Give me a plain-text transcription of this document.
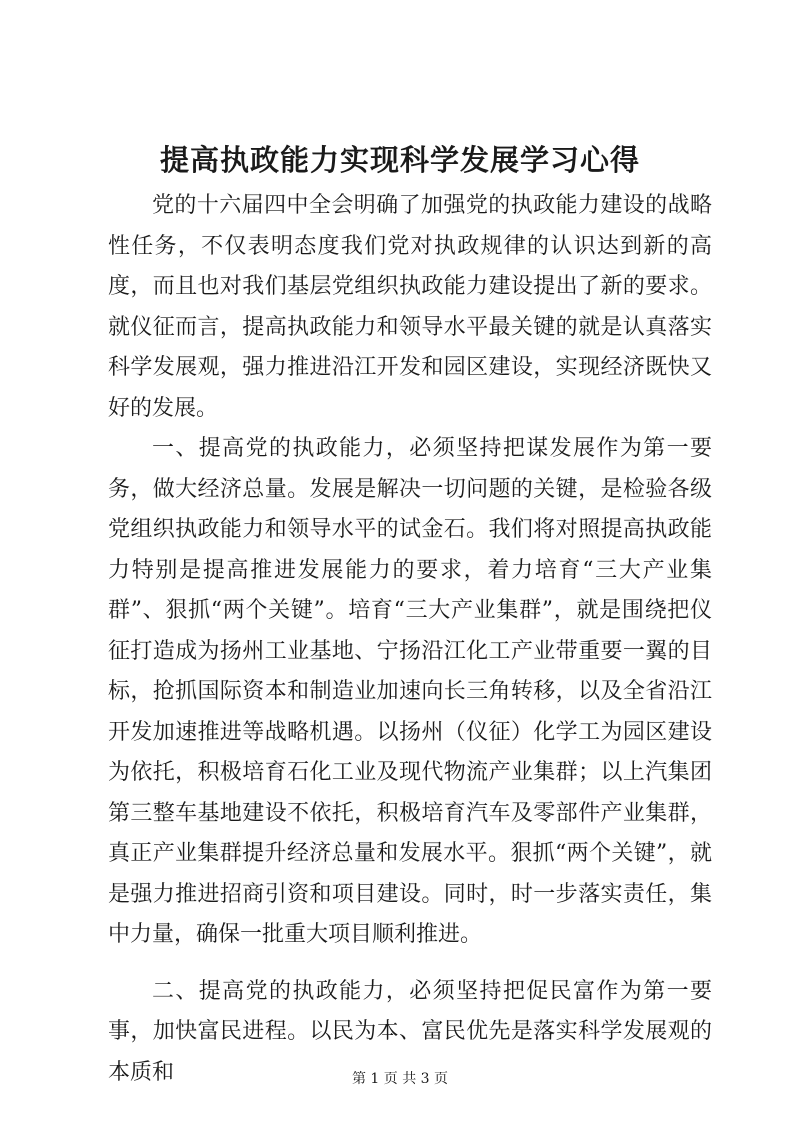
提高执政能力实现科学发展学习心得

党的十六届四中全会明确了加强党的执政能力建设的战略性任务，不仅表明态度我们党对执政规律的认识达到新的高度，而且也对我们基层党组织执政能力建设提出了新的要求。就仪征而言，提高执政能力和领导水平最关键的就是认真落实科学发展观，强力推进沿江开发和园区建设，实现经济既快又好的发展。

一、提高党的执政能力，必须坚持把谋发展作为第一要务，做大经济总量。发展是解决一切问题的关键，是检验各级党组织执政能力和领导水平的试金石。我们将对照提高执政能力特别是提高推进发展能力的要求，着力培育“三大产业集群”、狠抓“两个关键”。培育“三大产业集群”，就是围绕把仪征打造成为扬州工业基地、宁扬沿江化工产业带重要一翼的目标，抢抓国际资本和制造业加速向长三角转移，以及全省沿江开发加速推进等战略机遇。以扬州（仪征）化学工为园区建设为依托，积极培育石化工业及现代物流产业集群；以上汽集团第三整车基地建设不依托，积极培育汽车及零部件产业集群，真正产业集群提升经济总量和发展水平。狠抓“两个关键”，就是强力推进招商引资和项目建设。同时，时一步落实责任，集中力量，确保一批重大项目顺利推进。

二、提高党的执政能力，必须坚持把促民富作为第一要事，加快富民进程。以民为本、富民优先是落实科学发展观的本质和	第 1 页 共 3 页
